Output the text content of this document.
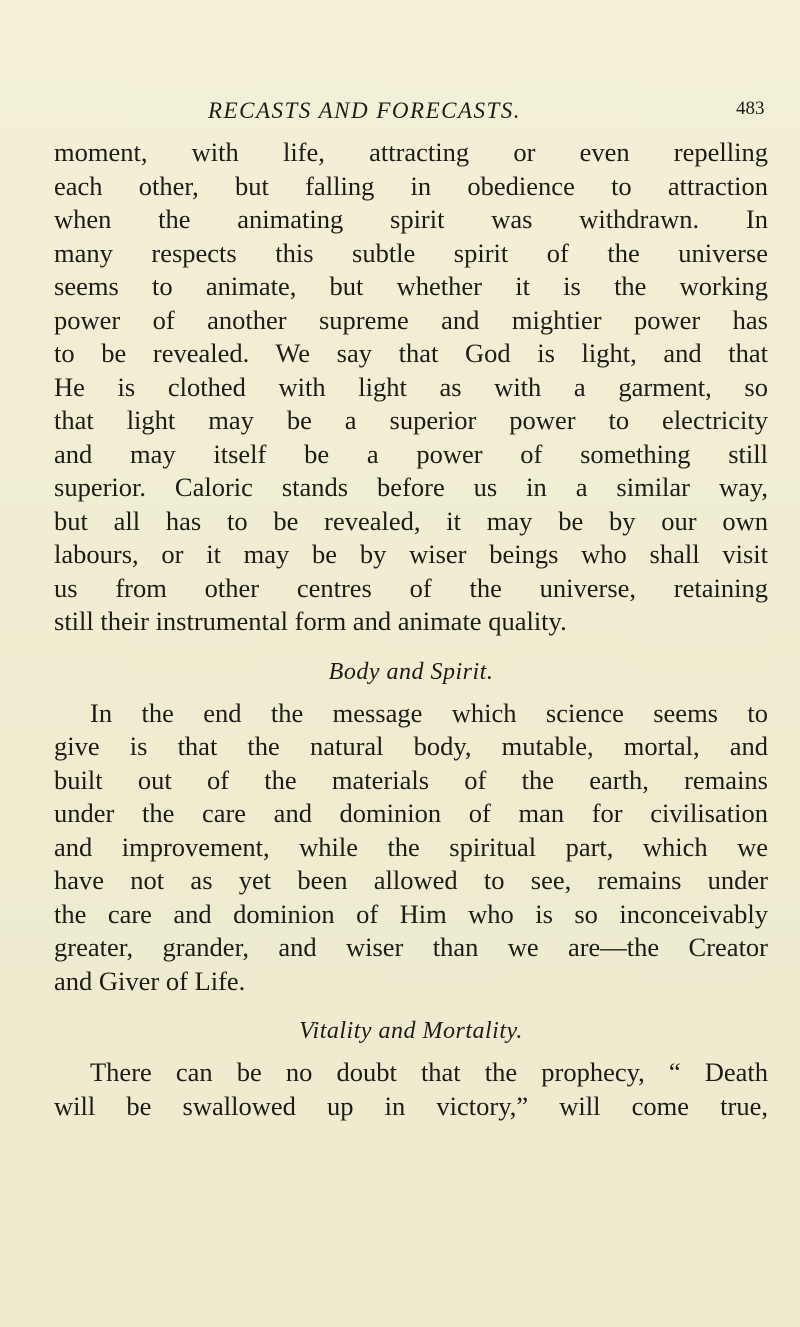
RECASTS AND FORECASTS.	483

moment, with life, attracting or even repelling
each other, but falling in obedience to attraction
when the animating spirit was withdrawn. In
many respects this subtle spirit of the universe
seems to animate, but whether it is the working
power of another supreme and mightier power has
to be revealed. We say that God is light, and that
He is clothed with light as with a garment, so
that light may be a superior power to electricity
and may itself be a power of something still
superior. Caloric stands before us in a similar way,
but all has to be revealed, it may be by our own
labours, or it may be by wiser beings who shall visit
us from other centres of the universe, retaining
still their instrumental form and animate quality.

Body and Spirit.

In the end the message which science seems to
give is that the natural body, mutable, mortal, and
built out of the materials of the earth, remains
under the care and dominion of man for civilisation
and improvement, while the spiritual part, which we
have not as yet been allowed to see, remains under
the care and dominion of Him who is so inconceivably
greater, grander, and wiser than we are—the Creator
and Giver of Life.

Vitality and Mortality.

There can be no doubt that the prophecy, “ Death
will be swallowed up in victory,” will come true,
